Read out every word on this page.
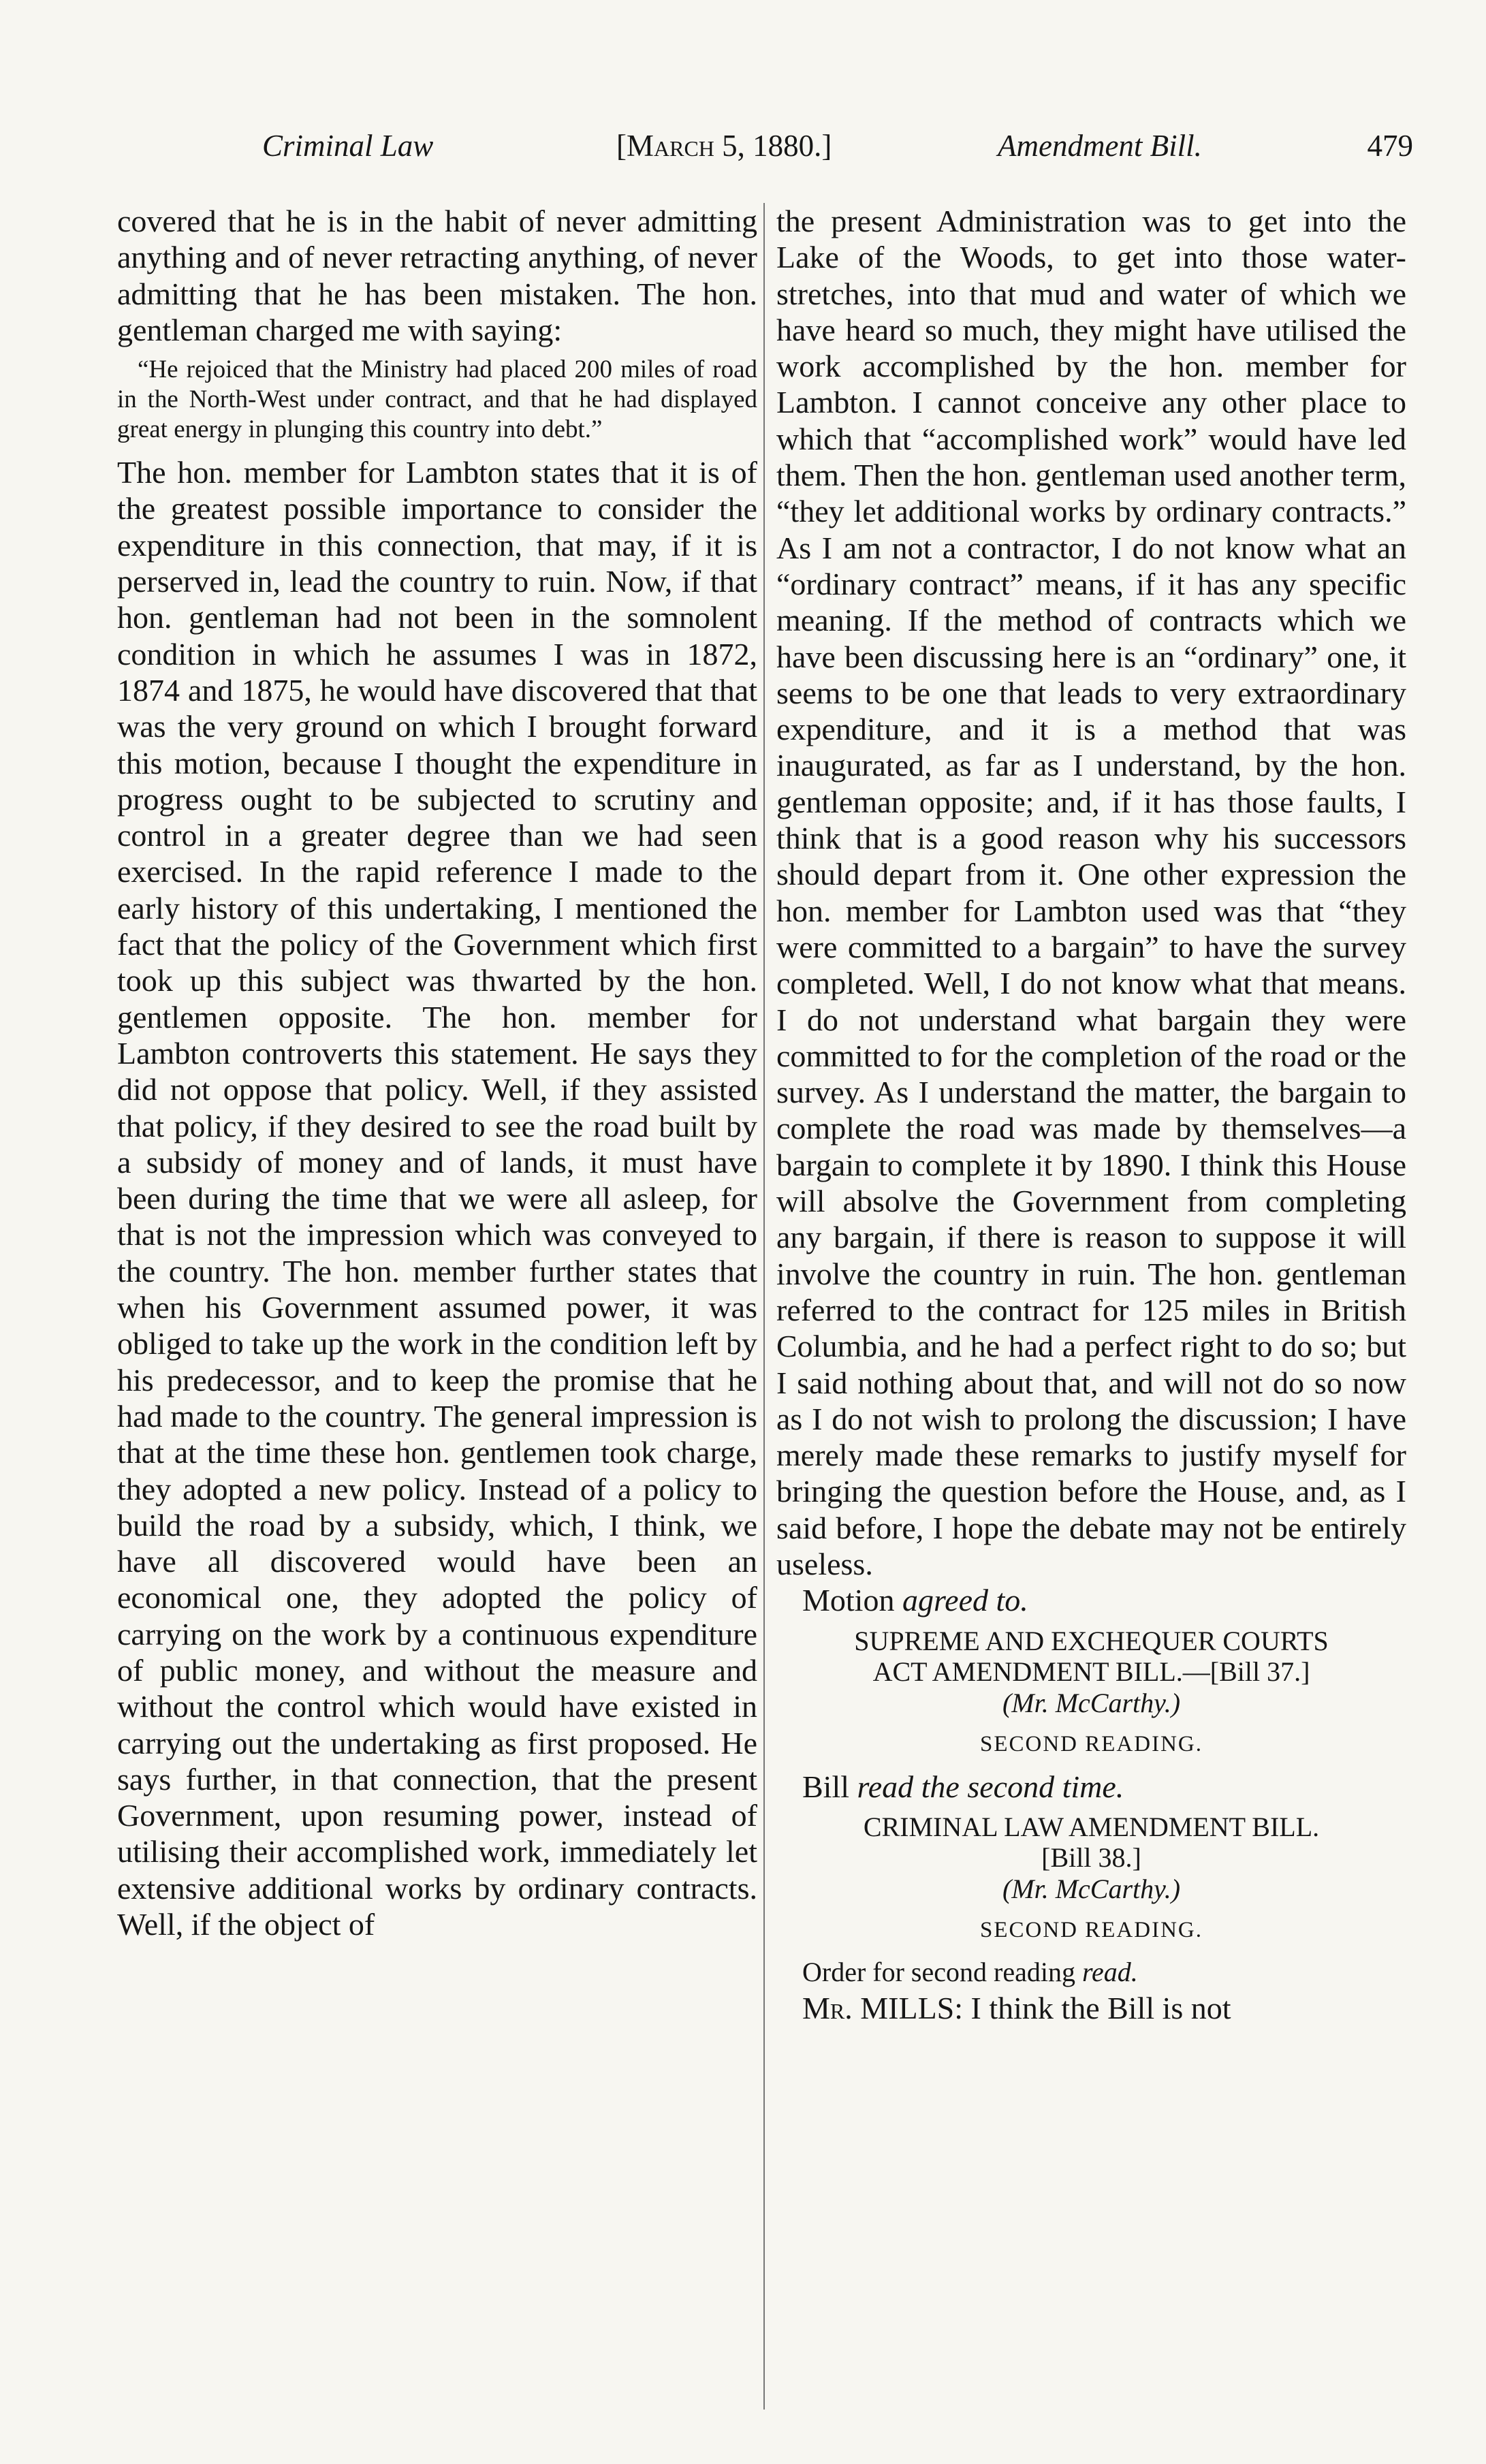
Criminal Law	[March 5, 1880.]	Amendment Bill.	479

covered that he is in the habit of never admitting anything and of never retracting anything, of never admitting that he has been mistaken. The hon. gentleman charged me with saying:

“He rejoiced that the Ministry had placed 200 miles of road in the North-West under contract, and that he had displayed great energy in plunging this country into debt.”

The hon. member for Lambton states that it is of the greatest possible importance to consider the expenditure in this connection, that may, if it is perserved in, lead the country to ruin. Now, if that hon. gentleman had not been in the somnolent condition in which he assumes I was in 1872, 1874 and 1875, he would have discovered that that was the very ground on which I brought forward this motion, because I thought the expenditure in progress ought to be subjected to scrutiny and control in a greater degree than we had seen exercised. In the rapid reference I made to the early history of this undertaking, I mentioned the fact that the policy of the Government which first took up this subject was thwarted by the hon. gentlemen opposite. The hon. member for Lambton controverts this statement. He says they did not oppose that policy. Well, if they assisted that policy, if they desired to see the road built by a subsidy of money and of lands, it must have been during the time that we were all asleep, for that is not the impression which was conveyed to the country. The hon. member further states that when his Government assumed power, it was obliged to take up the work in the condition left by his predecessor, and to keep the promise that he had made to the country. The general impression is that at the time these hon. gentlemen took charge, they adopted a new policy. Instead of a policy to build the road by a subsidy, which, I think, we have all discovered would have been an economical one, they adopted the policy of carrying on the work by a continuous expenditure of public money, and without the measure and without the control which would have existed in carrying out the undertaking as first proposed. He says further, in that connection, that the present Government, upon resuming power, instead of utilising their accomplished work, immediately let extensive additional works by ordinary contracts. Well, if the object of

the present Administration was to get into the Lake of the Woods, to get into those water-stretches, into that mud and water of which we have heard so much, they might have utilised the work accomplished by the hon. member for Lambton. I cannot conceive any other place to which that “accomplished work” would have led them. Then the hon. gentleman used another term, “they let additional works by ordinary contracts.” As I am not a contractor, I do not know what an “ordinary contract” means, if it has any specific meaning. If the method of contracts which we have been discussing here is an “ordinary” one, it seems to be one that leads to very extraordinary expenditure, and it is a method that was inaugurated, as far as I understand, by the hon. gentleman opposite; and, if it has those faults, I think that is a good reason why his successors should depart from it. One other expression the hon. member for Lambton used was that “they were committed to a bargain” to have the survey completed. Well, I do not know what that means. I do not understand what bargain they were committed to for the completion of the road or the survey. As I understand the matter, the bargain to complete the road was made by themselves—a bargain to complete it by 1890. I think this House will absolve the Government from completing any bargain, if there is reason to suppose it will involve the country in ruin. The hon. gentleman referred to the contract for 125 miles in British Columbia, and he had a perfect right to do so; but I said nothing about that, and will not do so now as I do not wish to prolong the discussion; I have merely made these remarks to justify myself for bringing the question before the House, and, as I said before, I hope the debate may not be entirely useless.

Motion agreed to.

SUPREME AND EXCHEQUER COURTS
ACT AMENDMENT BILL.—[Bill 37.]

(Mr. McCarthy.)

SECOND READING.

Bill read the second time.

CRIMINAL LAW AMENDMENT BILL.
[Bill 38.]

(Mr. McCarthy.)

SECOND READING.

Order for second reading read.

Mr. MILLS: I think the Bill is not
